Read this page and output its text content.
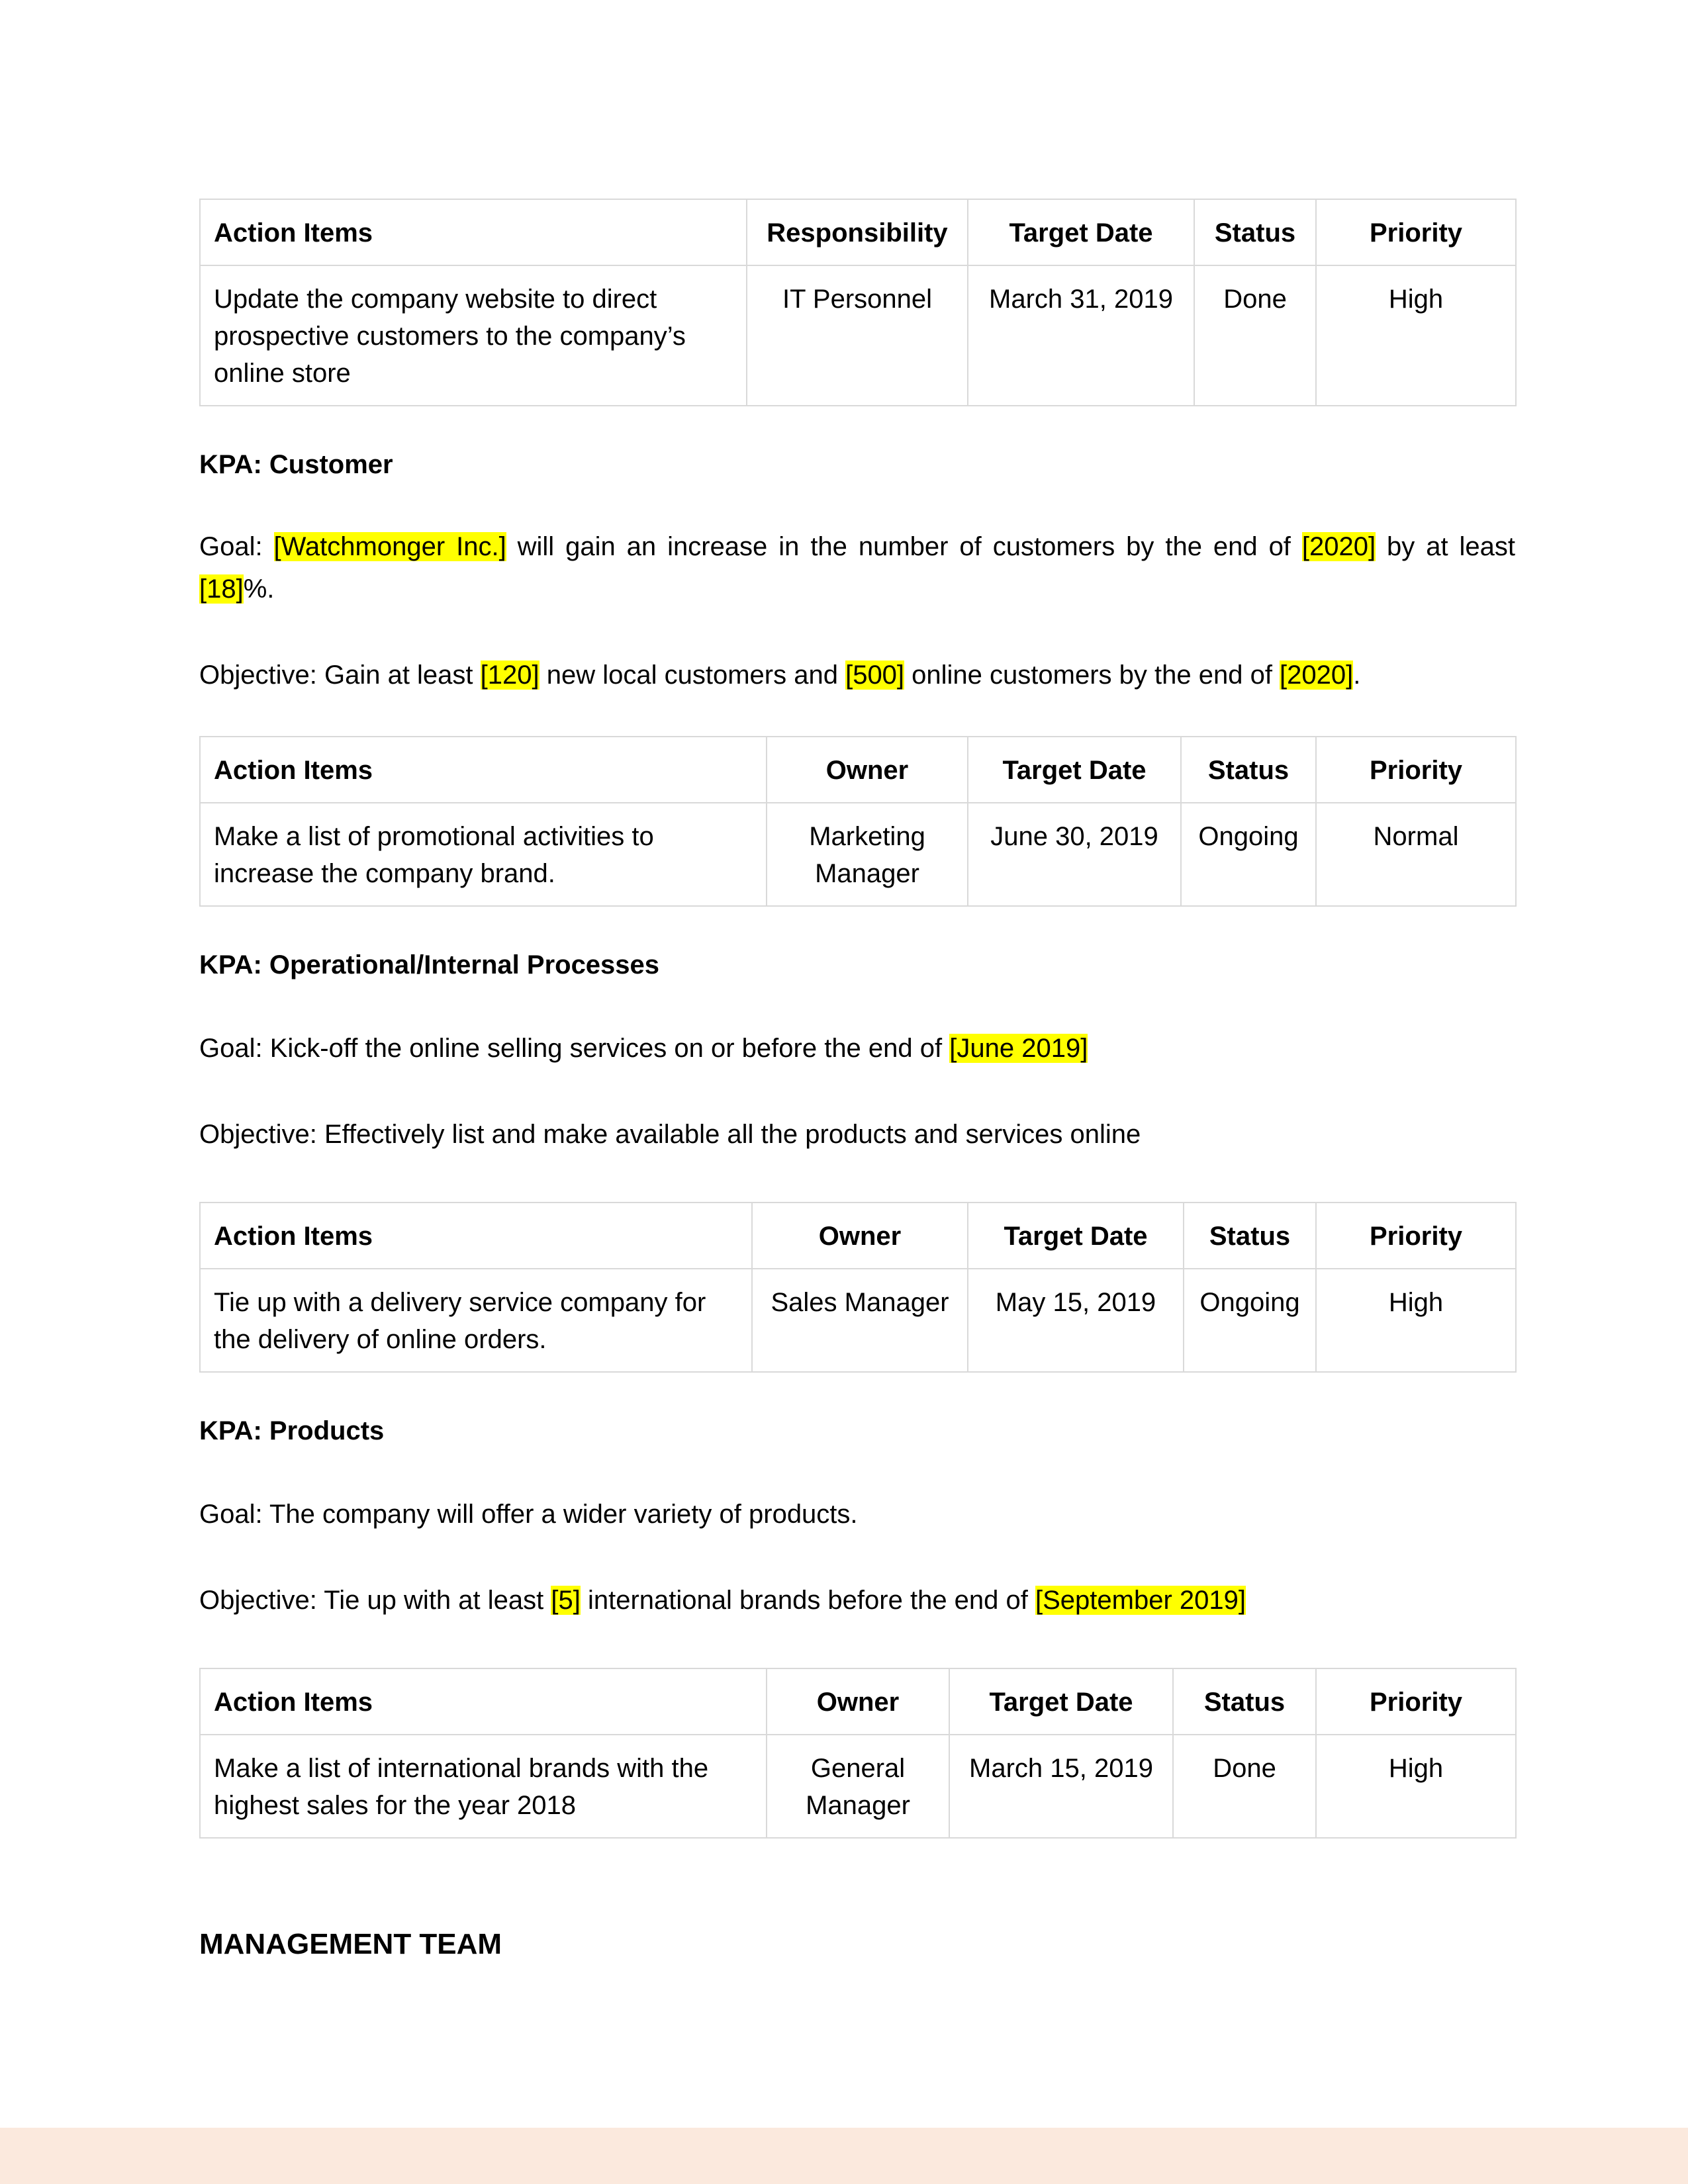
Action Items	Responsibility	Target Date	Status	Priority
Update the company website to direct prospective customers to the company’s online store	IT Personnel	March 31, 2019	Done	High

KPA: Customer

Goal: [Watchmonger Inc.] will gain an increase in the number of customers by the end of [2020] by at least [18]%.

Objective: Gain at least [120] new local customers and [500] online customers by the end of [2020].

Action Items	Owner	Target Date	Status	Priority
Make a list of promotional activities to increase the company brand.	Marketing Manager	June 30, 2019	Ongoing	Normal

KPA: Operational/Internal Processes

Goal: Kick-off the online selling services on or before the end of [June 2019]

Objective: Effectively list and make available all the products and services online

Action Items	Owner	Target Date	Status	Priority
Tie up with a delivery service company for the delivery of online orders.	Sales Manager	May 15, 2019	Ongoing	High

KPA: Products

Goal: The company will offer a wider variety of products.

Objective: Tie up with at least [5] international brands before the end of [September 2019]

Action Items	Owner	Target Date	Status	Priority
Make a list of international brands with the highest sales for the year 2018	General Manager	March 15, 2019	Done	High

MANAGEMENT TEAM
